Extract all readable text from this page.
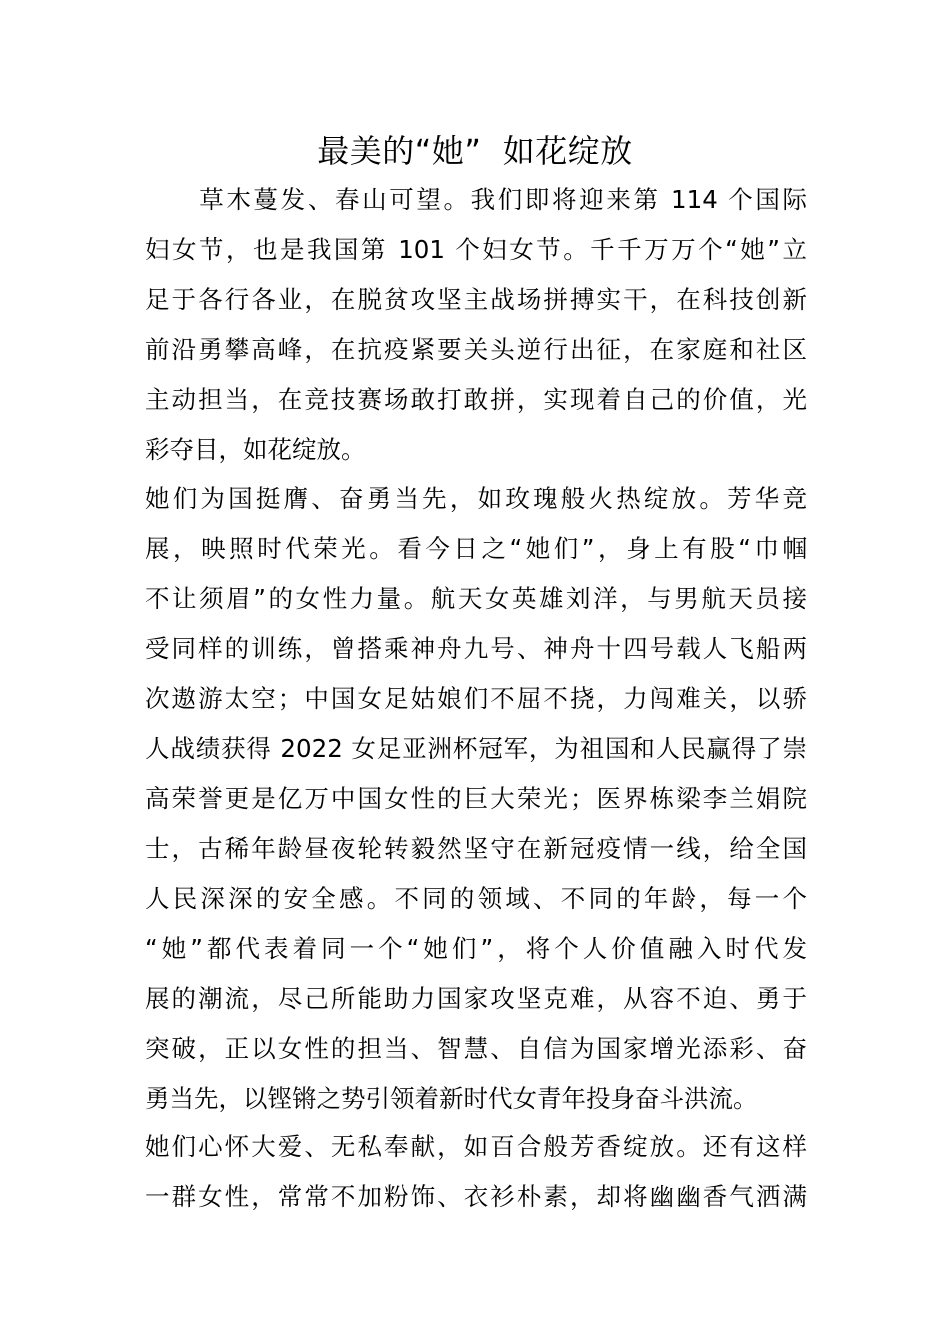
最美的“她”  如花绽放
　　草木蔓发、春山可望。我们即将迎来第 114 个国际
妇女节，也是我国第 101 个妇女节。千千万万个“她”立
足于各行各业，在脱贫攻坚主战场拼搏实干，在科技创新
前沿勇攀高峰，在抗疫紧要关头逆行出征，在家庭和社区
主动担当，在竞技赛场敢打敢拼，实现着自己的价值，光
彩夺目，如花绽放。
她们为国挺膺、奋勇当先，如玫瑰般火热绽放。芳华竞
展，映照时代荣光。看今日之“她们”，身上有股“巾帼
不让须眉”的女性力量。航天女英雄刘洋，与男航天员接
受同样的训练，曾搭乘神舟九号、神舟十四号载人飞船两
次遨游太空；中国女足姑娘们不屈不挠，力闯难关，以骄
人战绩获得 2022 女足亚洲杯冠军，为祖国和人民赢得了崇
高荣誉更是亿万中国女性的巨大荣光；医界栋梁李兰娟院
士，古稀年龄昼夜轮转毅然坚守在新冠疫情一线，给全国
人民深深的安全感。不同的领域、不同的年龄，每一个
“她”都代表着同一个“她们”，将个人价值融入时代发
展的潮流，尽己所能助力国家攻坚克难，从容不迫、勇于
突破，正以女性的担当、智慧、自信为国家增光添彩、奋
勇当先，以铿锵之势引领着新时代女青年投身奋斗洪流。
她们心怀大爱、无私奉献，如百合般芳香绽放。还有这样
一群女性，常常不加粉饰、衣衫朴素，却将幽幽香气洒满
